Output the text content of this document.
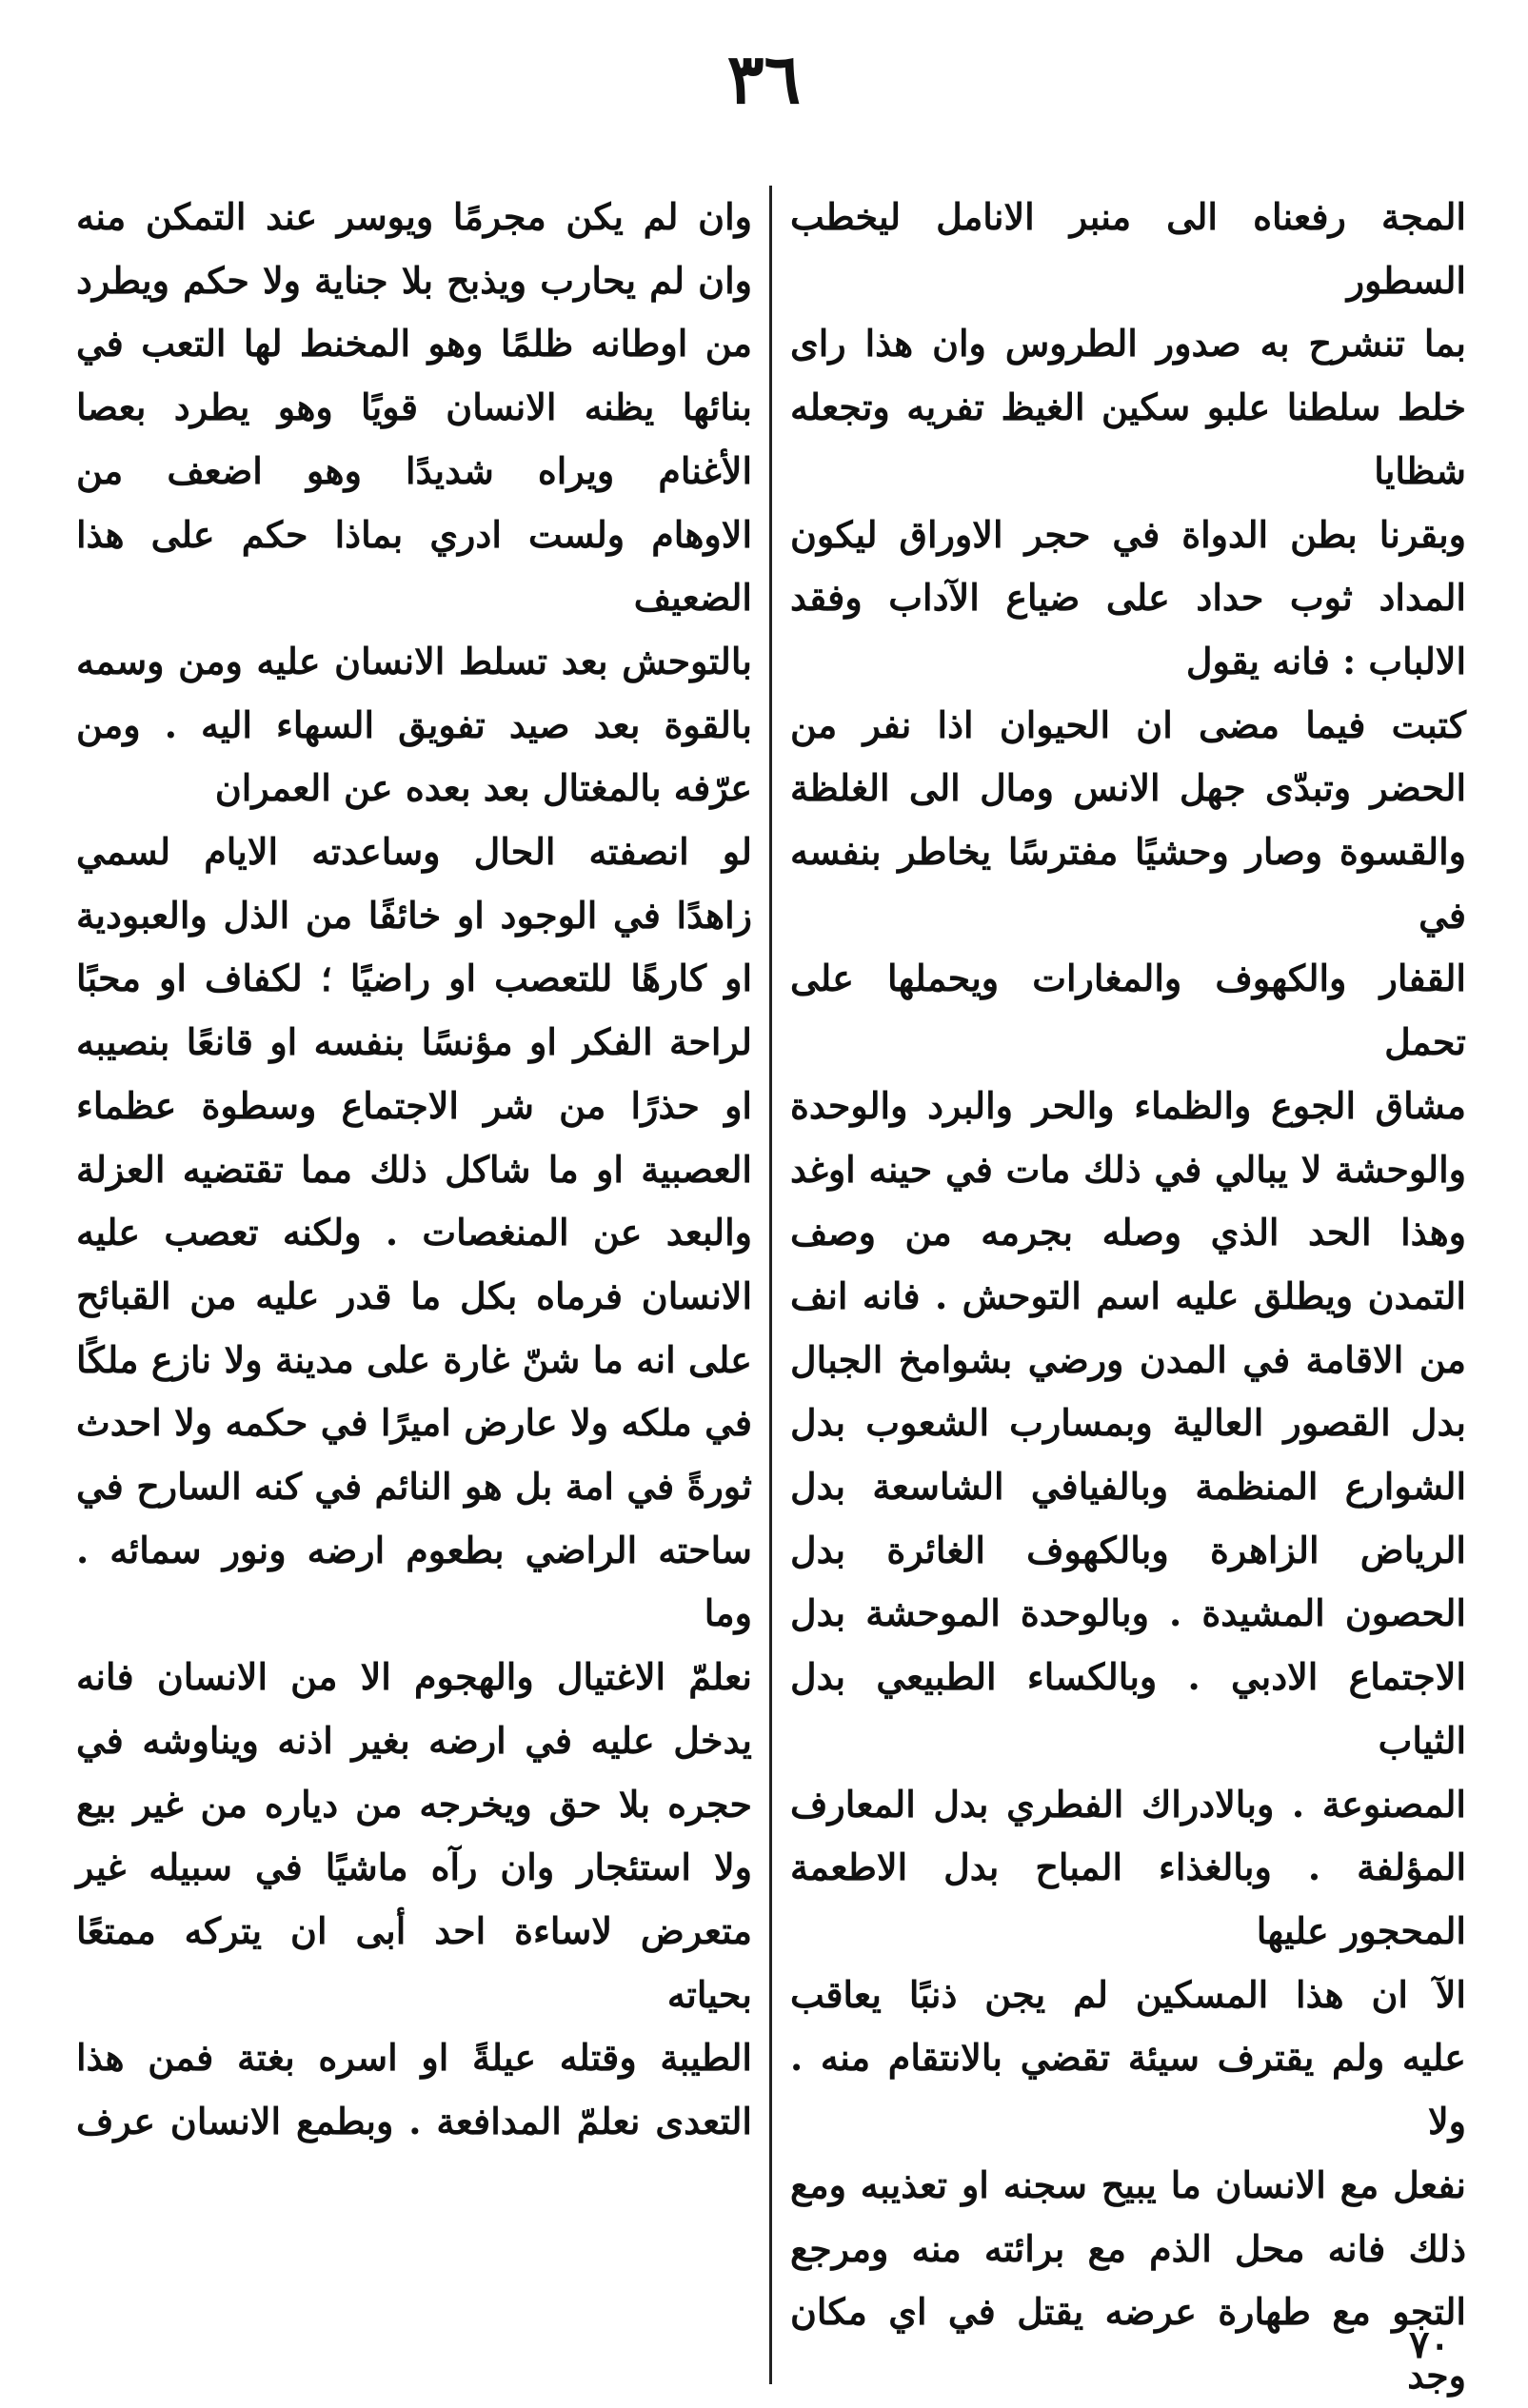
٣٦

المجة رفعناه الى منبر الانامل ليخطب السطور

بما تنشرح به صدور الطروس وان هذا راى

خلط سلطنا علبو سكين الغيظ تفريه وتجعله شظايا

وبقرنا بطن الدواة في حجر الاوراق ليكون

المداد ثوب حداد على ضياع الآداب وفقد

الالباب : فانه يقول

كتبت فيما مضى ان الحيوان اذا نفر من

الحضر وتبدّى جهل الانس ومال الى الغلظة

والقسوة وصار وحشيًا مفترسًا يخاطر بنفسه في

القفار والكهوف والمغارات ويحملها على تحمل

مشاق الجوع والظماء والحر والبرد والوحدة

والوحشة لا يبالي في ذلك مات في حينه اوغد

وهذا الحد الذي وصله بجرمه من وصف

التمدن ويطلق عليه اسم التوحش . فانه انف

من الاقامة في المدن ورضي بشوامخ الجبال

بدل القصور العالية وبمسارب الشعوب بدل

الشوارع المنظمة وبالفيافي الشاسعة بدل

الرياض الزاهرة وبالكهوف الغائرة بدل

الحصون المشيدة . وبالوحدة الموحشة بدل

الاجتماع الادبي . وبالكساء الطبيعي بدل الثياب

المصنوعة . وبالادراك الفطري بدل المعارف

المؤلفة . وبالغذاء المباح بدل الاطعمة

المحجور عليها

الآ ان هذا المسكين لم يجن ذنبًا يعاقب

عليه ولم يقترف سيئة تقضي بالانتقام منه . ولا

نفعل مع الانسان ما يبيح سجنه او تعذيبه ومع

ذلك فانه محل الذم مع برائته منه ومرجع

التجو مع طهارة عرضه يقتل في اي مكان وجد

وان لم يكن مجرمًا ويوسر عند التمكن منه

وان لم يحارب ويذبح بلا جناية ولا حكم ويطرد

من اوطانه ظلمًا وهو المخنط لها التعب في

بنائها يظنه الانسان قويًا وهو يطرد بعصا

الأغنام ويراه شديدًا وهو اضعف من

الاوهام ولست ادري بماذا حكم على هذا الضعيف

بالتوحش بعد تسلط الانسان عليه ومن وسمه

بالقوة بعد صيد تفويق السهاء اليه . ومن

عرّفه بالمغتال بعد بعده عن العمران

لو انصفته الحال وساعدته الايام لسمي

زاهدًا في الوجود او خائفًا من الذل والعبودية

او كارهًا للتعصب او راضيًا ؛ لكفاف او محبًا

لراحة الفكر او مؤنسًا بنفسه او قانعًا بنصيبه

او حذرًا من شر الاجتماع وسطوة عظماء

العصبية او ما شاكل ذلك مما تقتضيه العزلة

والبعد عن المنغصات . ولكنه تعصب عليه

الانسان فرماه بكل ما قدر عليه من القبائح

على انه ما شنّ غارة على مدينة ولا نازع ملكًا

في ملكه ولا عارض اميرًا في حكمه ولا احدث

ثورةً في امة بل هو النائم في كنه السارح في

ساحته الراضي بطعوم ارضه ونور سمائه . وما

نعلمّ الاغتيال والهجوم الا من الانسان فانه

يدخل عليه في ارضه بغير اذنه ويناوشه في

حجره بلا حق ويخرجه من دياره من غير بيع

ولا استئجار وان رآه ماشيًا في سبيله غير

متعرض لاساءة احد أبى ان يتركه ممتعًا بحياته

الطيبة وقتله عيلةً او اسره بغتة فمن هذا

التعدى نعلمّ المدافعة . وبطمع الانسان عرف

٧٠
